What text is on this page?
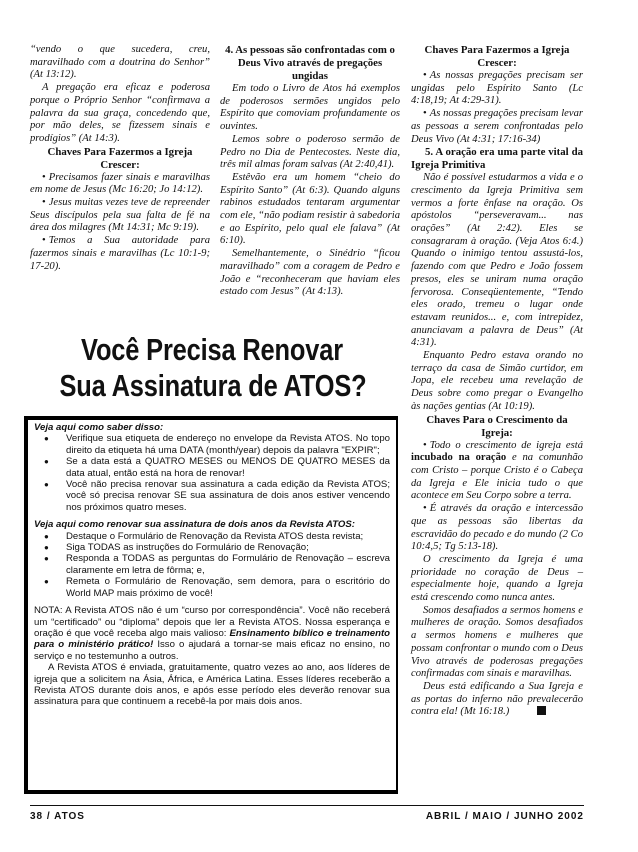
“vendo o que sucedera, creu, maravilhado com a doutrina do Senhor” (At 13:12).

A pregação era eficaz e poderosa porque o Próprio Senhor “confirmava a palavra da sua graça, concedendo que, por mão deles, se fizessem sinais e prodígios” (At 14:3).

Chaves Para Fazermos a Igreja Crescer:

• Precisamos fazer sinais e maravilhas em nome de Jesus (Mc 16:20; Jo 14:12).

• Jesus muitas vezes teve de repreender Seus discípulos pela sua falta de fé na área dos milagres (Mt 14:31; Mc 9:19).

• Temos a Sua autoridade para fazermos sinais e maravilhas (Lc 10:1-9; 17-20).

4. As pessoas são confrontadas com o Deus Vivo através de pregações ungidas

Em todo o Livro de Atos há exemplos de poderosos sermões ungidos pelo Espírito que comoviam profundamente os ouvintes.

Lemos sobre o poderoso sermão de Pedro no Dia de Pentecostes. Neste dia, três mil almas foram salvas (At 2:40,41).

Estêvão era um homem “cheio do Espírito Santo” (At 6:3). Quando alguns rabinos estudados tentaram argumentar com ele, “não podiam resistir à sabedoria e ao Espírito, pelo qual ele falava” (At 6:10).

Semelhantemente, o Sinédrio “ficou maravilhado” com a coragem de Pedro e João e “reconheceram que haviam eles estado com Jesus” (At 4:13).

Chaves Para Fazermos a Igreja Crescer:

• As nossas pregações precisam ser ungidas pelo Espírito Santo (Lc 4:18,19; At 4:29-31).

• As nossas pregações precisam levar as pessoas a serem confrontadas pelo Deus Vivo (At 4:31; 17:16-34)

5. A oração era uma parte vital da Igreja Primitiva

Não é possível estudarmos a vida e o crescimento da Igreja Primitiva sem vermos a forte ênfase na oração. Os apóstolos “perseveravam... nas orações” (At 2:42). Eles se consagraram à oração. (Veja Atos 6:4.) Quando o inimigo tentou assustá-los, fazendo com que Pedro e João fossem presos, eles se uniram numa oração fervorosa. Conseqüentemente, “Tendo eles orado, tremeu o lugar onde estavam reunidos... e, com intrepidez, anunciavam a palavra de Deus” (At 4:31).

Enquanto Pedro estava orando no terraço da casa de Simão curtidor, em Jopa, ele recebeu uma revelação de Deus sobre como pregar o Evangelho às nações gentias (At 10:19).

Chaves Para o Crescimento da Igreja:

• Todo o crescimento de igreja está incubado na oração e na comunhão com Cristo – porque Cristo é o Cabeça da Igreja e Ele inicia tudo o que acontece em Seu Corpo sobre a terra.

• É através da oração e intercessão que as pessoas são libertas da escravidão do pecado e do mundo (2 Co 10:4,5; Tg 5:13-18).

O crescimento da Igreja é uma prioridade no coração de Deus – especialmente hoje, quando a Igreja está crescendo como nunca antes.

Somos desafiados a sermos homens e mulheres de oração. Somos desafiados a sermos homens e mulheres que possam confrontar o mundo com o Deus Vivo através de poderosas pregações confirmadas com sinais e maravilhas.

Deus está edificando a Sua Igreja e as portas do inferno não prevalecerão contra ela! (Mt 16:18.)

Você Precisa Renovar
Sua Assinatura de ATOS?

Veja aqui como saber disso:

● Verifique sua etiqueta de endereço no envelope da Revista ATOS. No topo direito da etiqueta há uma DATA (month/year) depois da palavra "EXPIR";
● Se a data está a QUATRO MESES ou MENOS DE QUATRO MESES da data atual, então está na hora de renovar!
● Você não precisa renovar sua assinatura a cada edição da Revista ATOS; você só precisa renovar SE sua assinatura de dois anos estiver vencendo nos próximos quatro meses.

Veja aqui como renovar sua assinatura de dois anos da Revista ATOS:

● Destaque o Formulário de Renovação da Revista ATOS desta revista;
● Siga TODAS as instruções do Formulário de Renovação;
● Responda a TODAS as perguntas do Formulário de Renovação – escreva claramente em letra de fôrma; e,
● Remeta o Formulário de Renovação, sem demora, para o escritório do World MAP mais próximo de você!

NOTA: A Revista ATOS não é um “curso por correspondência”. Você não receberá um “certificado” ou “diploma” depois que ler a Revista ATOS. Nossa esperança e oração é que você receba algo mais valioso: Ensinamento bíblico e treinamento para o ministério prático! Isso o ajudará a tornar-se mais eficaz no ensino, no serviço e no testemunho a outros.

A Revista ATOS é enviada, gratuitamente, quatro vezes ao ano, aos líderes de igreja que a solicitem na Ásia, África, e América Latina. Esses líderes receberão a Revista ATOS durante dois anos, e após esse período eles deverão renovar sua assinatura para que continuem a recebê-la por mais dois anos.

38 / ATOS	ABRIL / MAIO / JUNHO 2002
